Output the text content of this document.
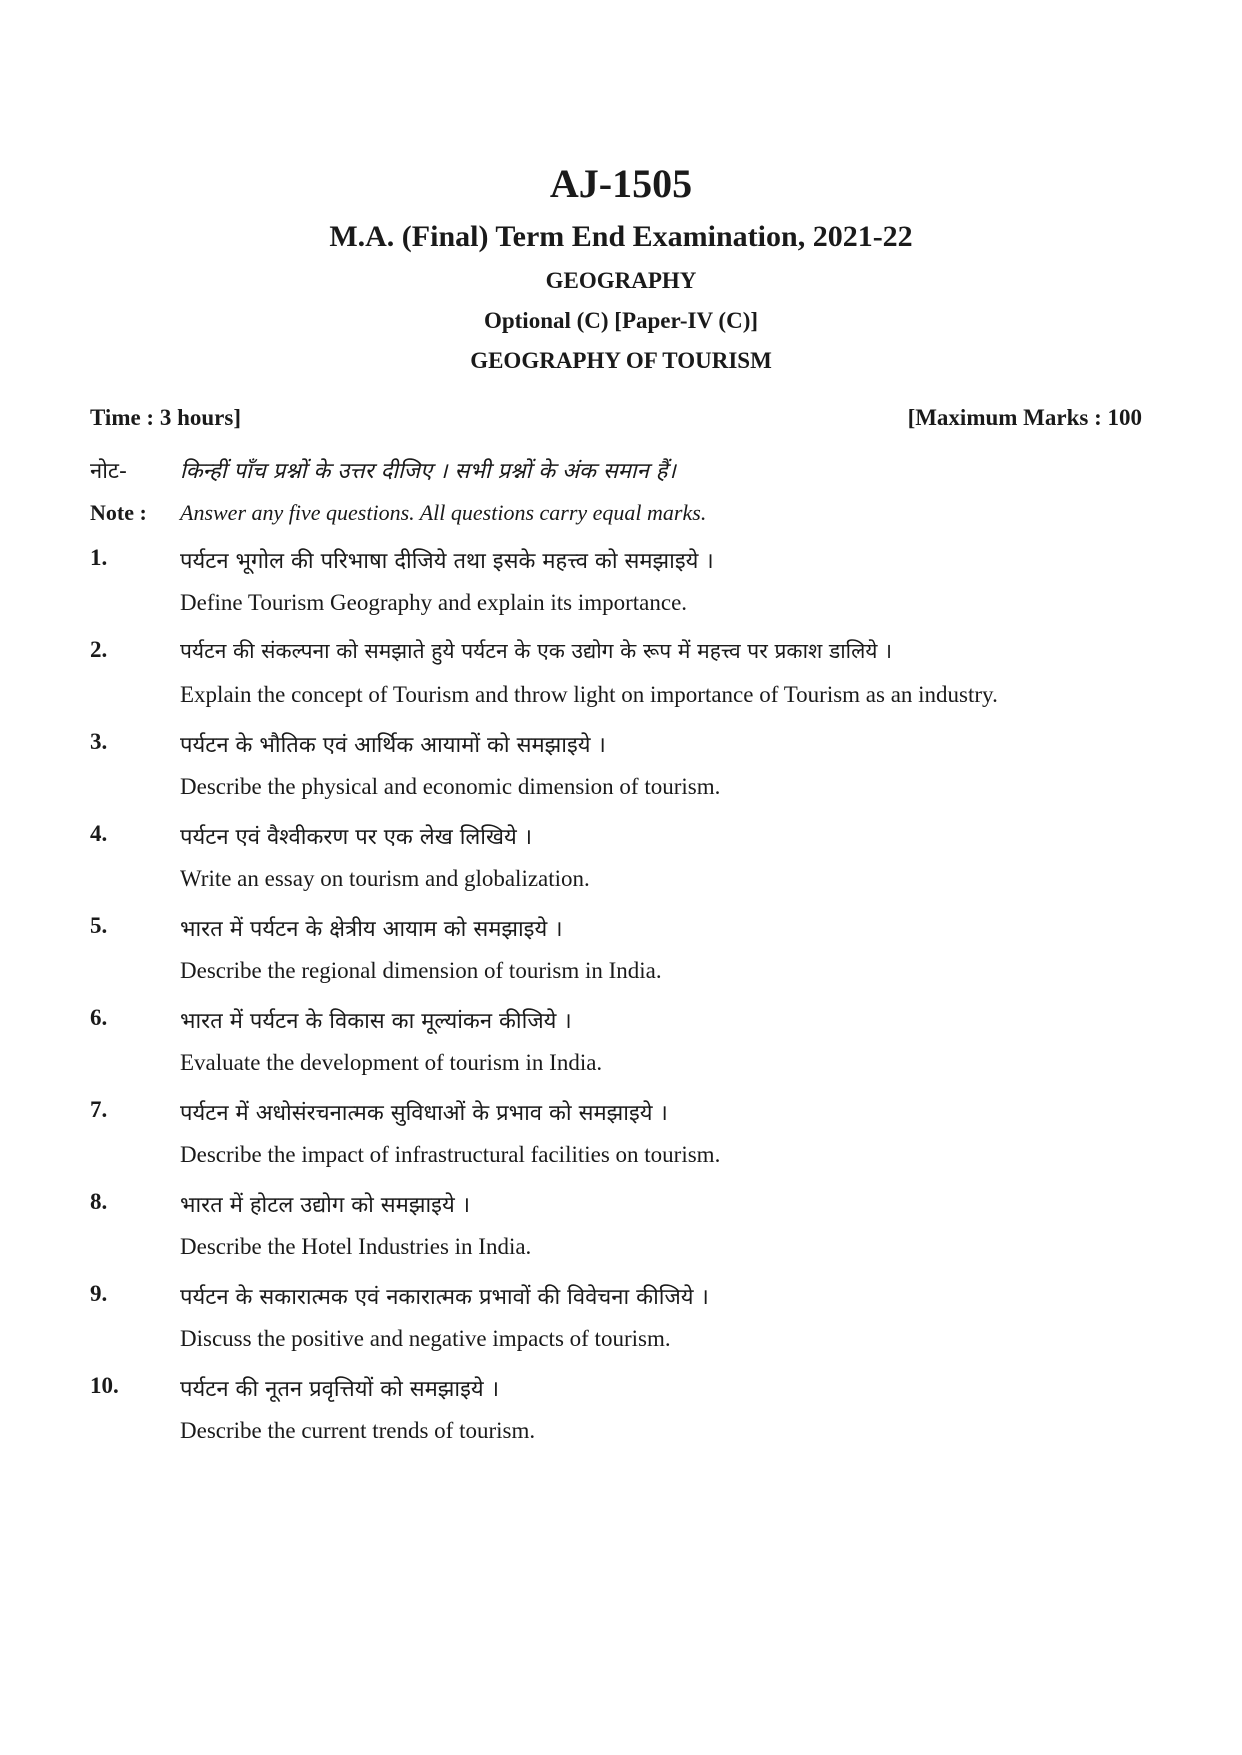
AJ-1505
M.A. (Final) Term End Examination, 2021-22
GEOGRAPHY
Optional (C) [Paper-IV (C)]
GEOGRAPHY OF TOURISM
Time : 3 hours]	[Maximum Marks : 100
नोट- किन्हीं पाँच प्रश्नों के उत्तर दीजिए । सभी प्रश्नों के अंक समान हैं।
Note : Answer any five questions. All questions carry equal marks.
1.	पर्यटन भूगोल की परिभाषा दीजिये तथा इसके महत्त्व को समझाइये ।
Define Tourism Geography and explain its importance.
2.	पर्यटन की संकल्पना को समझाते हुये पर्यटन के एक उद्योग के रूप में महत्त्व पर प्रकाश डालिये ।
Explain the concept of Tourism and throw light on importance of Tourism as an industry.
3.	पर्यटन के भौतिक एवं आर्थिक आयामों को समझाइये ।
Describe the physical and economic dimension of tourism.
4.	पर्यटन एवं वैश्वीकरण पर एक लेख लिखिये ।
Write an essay on tourism and globalization.
5.	भारत में पर्यटन के क्षेत्रीय आयाम को समझाइये ।
Describe the regional dimension of tourism in India.
6.	भारत में पर्यटन के विकास का मूल्यांकन कीजिये ।
Evaluate the development of tourism in India.
7.	पर्यटन में अधोसंरचनात्मक सुविधाओं के प्रभाव को समझाइये ।
Describe the impact of infrastructural facilities on tourism.
8.	भारत में होटल उद्योग को समझाइये ।
Describe the Hotel Industries in India.
9.	पर्यटन के सकारात्मक एवं नकारात्मक प्रभावों की विवेचना कीजिये ।
Discuss the positive and negative impacts of tourism.
10.	पर्यटन की नूतन प्रवृत्तियों को समझाइये ।
Describe the current trends of tourism.
